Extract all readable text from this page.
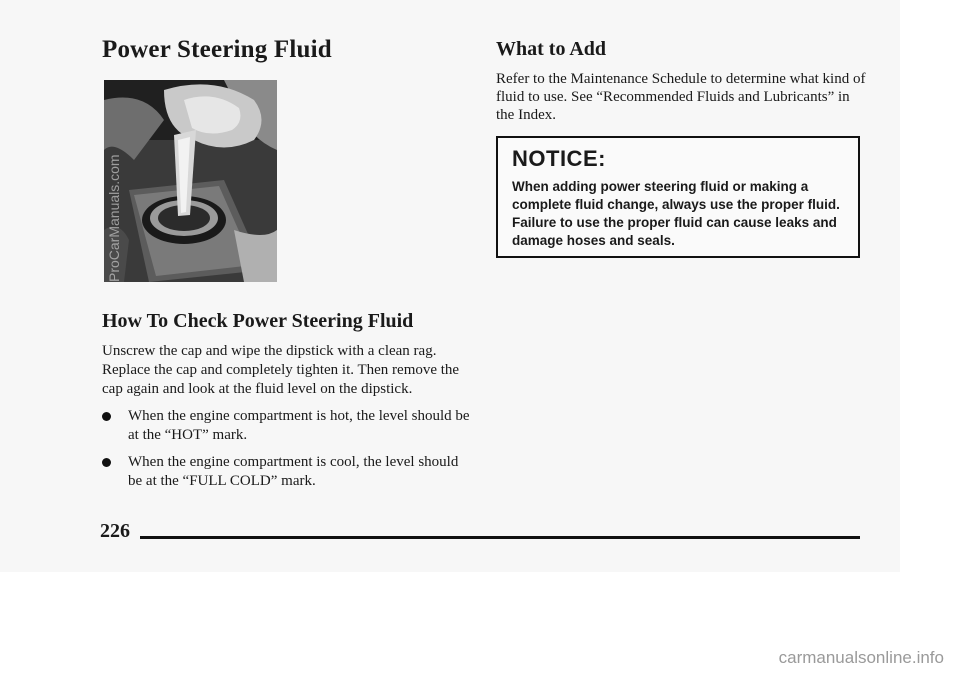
Power Steering Fluid
How To Check Power Steering Fluid

Unscrew the cap and wipe the dipstick with a clean rag. Replace the cap and completely tighten it. Then remove the cap again and look at the fluid level on the dipstick.

When the engine compartment is hot, the level should be at the “HOT” mark.
When the engine compartment is cool, the level should be at the “FULL COLD” mark.
What to Add

Refer to the Maintenance Schedule to determine what kind of fluid to use. See “Recommended Fluids and Lubricants” in the Index.

NOTICE:

When adding power steering fluid or making a complete fluid change, always use the proper fluid. Failure to use the proper fluid can cause leaks and damage hoses and seals.

226
ProCarManuals.com
carmanualsonline.info
